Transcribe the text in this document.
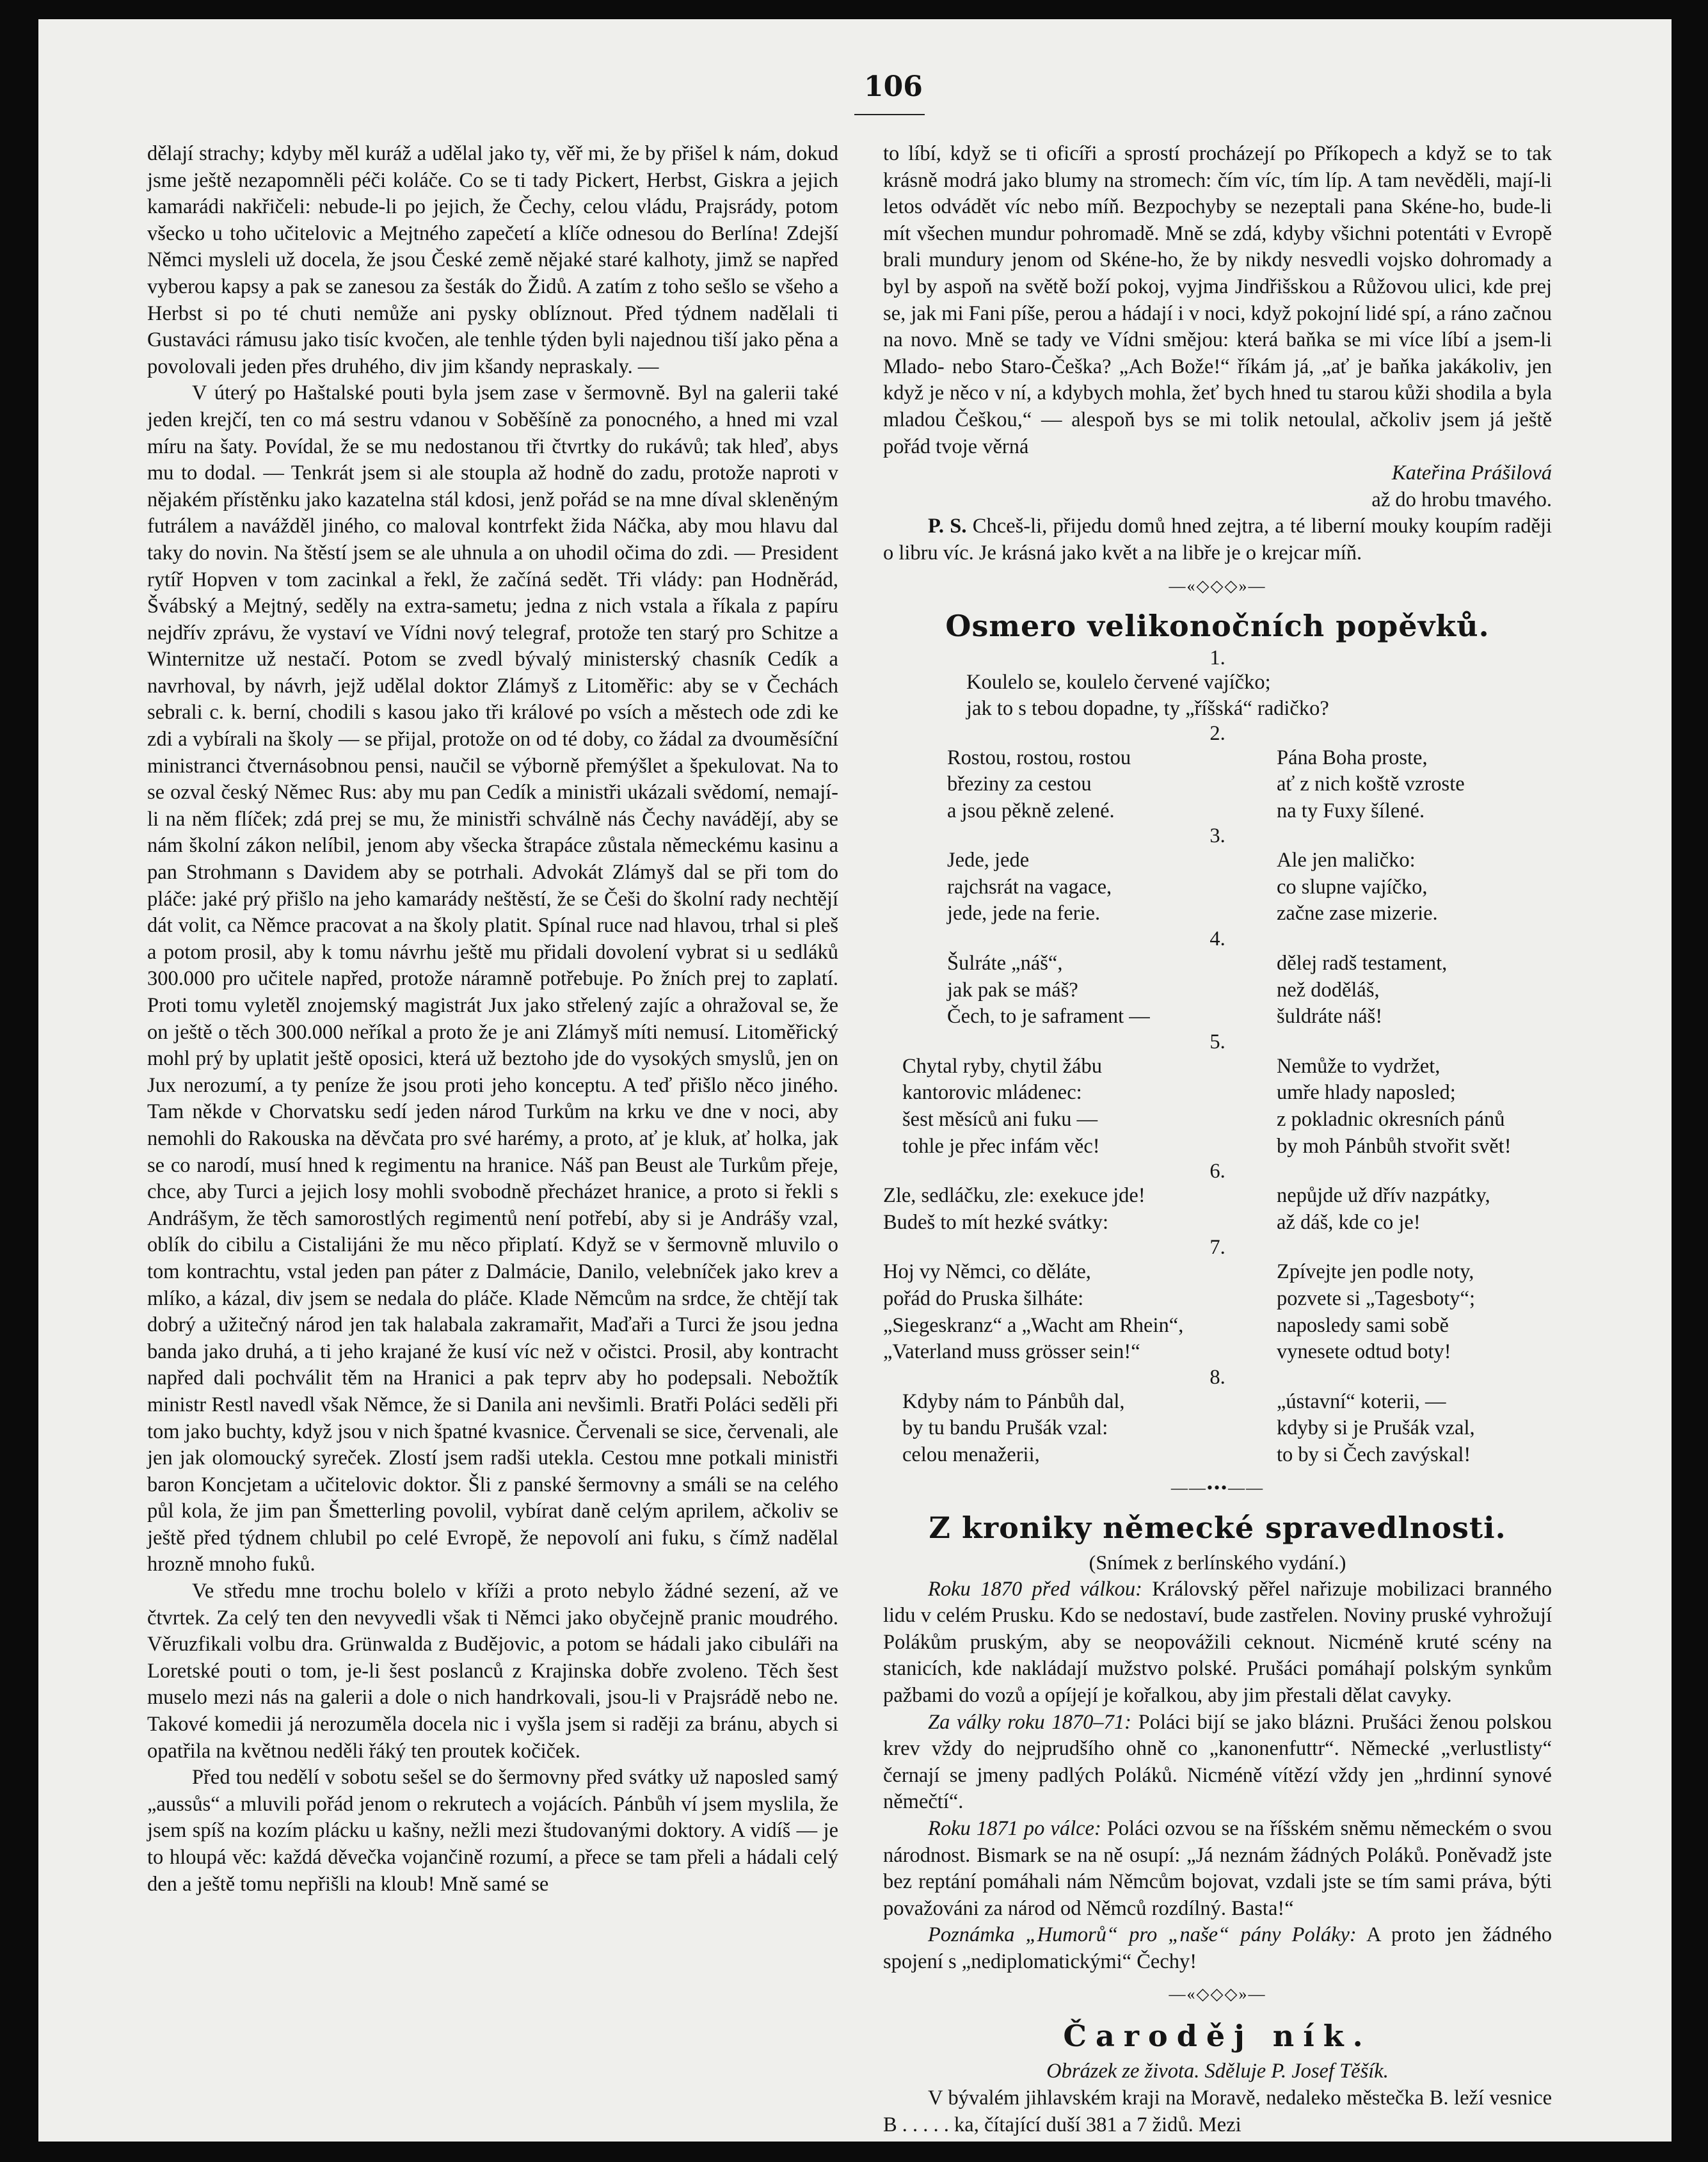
106

dělají strachy; kdyby měl kuráž a udělal jako ty, věř mi, že by přišel k nám, dokud jsme ještě nezapomněli péči koláče. Co se ti tady Pickert, Herbst, Giskra a jejich kamarádi nakřičeli: nebude-li po jejich, že Čechy, celou vládu, Prajsrády, potom všecko u toho učitelovic a Mejtného zapečetí a klíče odnesou do Berlína! Zdejší Němci mysleli už docela, že jsou České země nějaké staré kalhoty, jimž se napřed vyberou kapsy a pak se zanesou za šesták do Židů. A zatím z toho sešlo se všeho a Herbst si po té chuti nemůže ani pysky oblíznout. Před týdnem nadělali ti Gustaváci rámusu jako tisíc kvočen, ale tenhle týden byli najednou tiší jako pěna a povolovali jeden přes druhého, div jim kšandy nepraskaly. —

V úterý po Haštalské pouti byla jsem zase v šermovně. Byl na galerii také jeden krejčí, ten co má sestru vdanou v Soběšíně za ponocného, a hned mi vzal míru na šaty. Povídal, že se mu nedostanou tři čtvrtky do rukávů; tak hleď, abys mu to dodal. — Tenkrát jsem si ale stoupla až hodně do zadu, protože naproti v nějakém přístěnku jako kazatelna stál kdosi, jenž pořád se na mne díval skleněným futrálem a navážděl jiného, co maloval kontrfekt žida Náčka, aby mou hlavu dal taky do novin. Na štěstí jsem se ale uhnula a on uhodil očima do zdi. — President rytíř Hopven v tom zacinkal a řekl, že začíná sedět. Tři vlády: pan Hodněrád, Švábský a Mejtný, seděly na extra-sametu; jedna z nich vstala a říkala z papíru nejdřív zprávu, že vystaví ve Vídni nový telegraf, protože ten starý pro Schitze a Winternitze už nestačí. Potom se zvedl bývalý ministerský chasník Cedík a navrhoval, by návrh, jejž udělal doktor Zlámyš z Litoměřic: aby se v Čechách sebrali c. k. berní, chodili s kasou jako tři králové po vsích a městech ode zdi ke zdi a vybírali na školy — se přijal, protože on od té doby, co žádal za dvouměsíční ministranci čtvernásobnou pensi, naučil se výborně přemýšlet a špekulovat. Na to se ozval český Němec Rus: aby mu pan Cedík a ministři ukázali svědomí, nemají-li na něm flíček; zdá prej se mu, že ministři schválně nás Čechy navádějí, aby se nám školní zákon nelíbil, jenom aby všecka štrapáce zůstala německému kasinu a pan Strohmann s Davidem aby se potrhali. Advokát Zlámyš dal se při tom do pláče: jaké prý přišlo na jeho kamarády neštěstí, že se Češi do školní rady nechtějí dát volit, ca Němce pracovat a na školy platit. Spínal ruce nad hlavou, trhal si pleš a potom prosil, aby k tomu návrhu ještě mu přidali dovolení vybrat si u sedláků 300.000 pro učitele napřed, protože náramně potřebuje. Po žních prej to zaplatí. Proti tomu vyletěl znojemský magistrát Jux jako střelený zajíc a ohražoval se, že on ještě o těch 300.000 neříkal a proto že je ani Zlámyš míti nemusí. Litoměřický mohl prý by uplatit ještě oposici, která už beztoho jde do vysokých smyslů, jen on Jux nerozumí, a ty peníze že jsou proti jeho konceptu. A teď přišlo něco jiného. Tam někde v Chorvatsku sedí jeden národ Turkům na krku ve dne v noci, aby nemohli do Rakouska na děvčata pro své harémy, a proto, ať je kluk, ať holka, jak se co narodí, musí hned k regimentu na hranice. Náš pan Beust ale Turkům přeje, chce, aby Turci a jejich losy mohli svobodně přecházet hranice, a proto si řekli s Andrášym, že těch samorostlých regimentů není potřebí, aby si je Andrášy vzal, oblík do cibilu a Cistalijáni že mu něco připlatí. Když se v šermovně mluvilo o tom kontrachtu, vstal jeden pan páter z Dalmácie, Danilo, velebníček jako krev a mlíko, a kázal, div jsem se nedala do pláče. Klade Němcům na srdce, že chtějí tak dobrý a užitečný národ jen tak halabala zakramařit, Maďaři a Turci že jsou jedna banda jako druhá, a ti jeho krajané že kusí víc než v očistci. Prosil, aby kontracht napřed dali pochválit těm na Hranici a pak teprv aby ho podepsali. Nebožtík ministr Restl navedl však Němce, že si Danila ani nevšimli. Bratři Poláci seděli při tom jako buchty, když jsou v nich špatné kvasnice. Červenali se sice, červenali, ale jen jak olomoucký syreček. Zlostí jsem radši utekla. Cestou mne potkali ministři baron Koncjetam a učitelovic doktor. Šli z panské šermovny a smáli se na celého půl kola, že jim pan Šmetterling povolil, vybírat daně celým aprilem, ačkoliv se ještě před týdnem chlubil po celé Evropě, že nepovolí ani fuku, s čímž nadělal hrozně mnoho fuků.

Ve středu mne trochu bolelo v kříži a proto nebylo žádné sezení, až ve čtvrtek. Za celý ten den nevyvedli však ti Němci jako obyčejně pranic moudrého. Věruzfikali volbu dra. Grünwalda z Budějovic, a potom se hádali jako cibuláři na Loretské pouti o tom, je-li šest poslanců z Krajinska dobře zvoleno. Těch šest muselo mezi nás na galerii a dole o nich handrkovali, jsou-li v Prajsrádě nebo ne. Takové komedii já nerozuměla docela nic i vyšla jsem si raději za bránu, abych si opatřila na květnou neděli řáký ten proutek kočiček.

Před tou nedělí v sobotu sešel se do šermovny před svátky už naposled samý „aussůs“ a mluvili pořád jenom o rekrutech a vojácích. Pánbůh ví jsem myslila, že jsem spíš na kozím plácku u kašny, nežli mezi študovanými doktory. A vidíš — je to hloupá věc: každá děvečka vojančině rozumí, a přece se tam přeli a hádali celý den a ještě tomu nepřišli na kloub! Mně samé se

to líbí, když se ti oficíři a sprostí procházejí po Příkopech a když se to tak krásně modrá jako blumy na stromech: čím víc, tím líp. A tam nevěděli, mají-li letos odvádět víc nebo míň. Bezpochyby se nezeptali pana Skéne-ho, bude-li mít všechen mundur pohromadě. Mně se zdá, kdyby všichni potentáti v Evropě brali mundury jenom od Skéne-ho, že by nikdy nesvedli vojsko dohromady a byl by aspoň na světě boží pokoj, vyjma Jindřišskou a Růžovou ulici, kde prej se, jak mi Fani píše, perou a hádají i v noci, když pokojní lidé spí, a ráno začnou na novo. Mně se tady ve Vídni smějou: která baňka se mi více líbí a jsem-li Mlado- nebo Staro-Češka? „Ach Bože!“ říkám já, „ať je baňka jakákoliv, jen když je něco v ní, a kdybych mohla, žeť bych hned tu starou kůži shodila a byla mladou Češkou,“ — alespoň bys se mi tolik netoulal, ačkoliv jsem já ještě pořád tvoje věrná

Kateřina Prášilová

až do hrobu tmavého.

P. S. Chceš-li, přijedu domů hned zejtra, a té liberní mouky koupím raději o libru víc. Je krásná jako květ a na libře je o krejcar míň.

—«◇◇◇»—
Osmero velikonočních popěvků.
1.
Koulelo se, koulelo červené vajíčko;
jak to s tebou dopadne, ty „říšská“ radičko?
2.
Rostou, rostou, rostou
březiny za cestou
a jsou pěkně zelené.
Pána Boha proste,
ať z nich koště vzroste
na ty Fuxy šílené.
3.
Jede, jede
rajchsrát na vagace,
jede, jede na ferie.
Ale jen maličko:
co slupne vajíčko,
začne zase mizerie.
4.
Šulráte „náš“,
jak pak se máš?
Čech, to je saframent —
dělej radš testament,
než doděláš,
šuldráte náš!
5.
Chytal ryby, chytil žábu
kantorovic mládenec:
šest měsíců ani fuku —
tohle je přec infám věc!
Nemůže to vydržet,
umře hlady naposled;
z pokladnic okresních pánů
by moh Pánbůh stvořit svět!
6.
Zle, sedláčku, zle: exekuce jde!
Budeš to mít hezké svátky:
nepůjde už dřív nazpátky,
až dáš, kde co je!
7.
Hoj vy Němci, co děláte,
pořád do Pruska šilháte:
„Siegeskranz“ a „Wacht am Rhein“,
„Vaterland muss grösser sein!“
Zpívejte jen podle noty,
pozvete si „Tagesboty“;
naposledy sami sobě
vynesete odtud boty!
8.
Kdyby nám to Pánbůh dal,
by tu bandu Prušák vzal:
celou menažerii,
„ústavní“ koterii, —
kdyby si je Prušák vzal,
to by si Čech zavýskal!
——•••——
Z kroniky německé spravedlnosti.
(Snímek z berlínského vydání.)

Roku 1870 před válkou: Královský pěřel nařizuje mobilizaci branného lidu v celém Prusku. Kdo se nedostaví, bude zastřelen. Noviny pruské vyhrožují Polákům pruským, aby se neopovážili ceknout. Nicméně kruté scény na stanicích, kde nakládají mužstvo polské. Prušáci pomáhají polským synkům pažbami do vozů a opíjejí je kořalkou, aby jim přestali dělat cavyky.

Za války roku 1870–71: Poláci bijí se jako blázni. Prušáci ženou polskou krev vždy do nejprudšího ohně co „kanonenfuttr“. Německé „verlustlisty“ černají se jmeny padlých Poláků. Nicméně vítězí vždy jen „hrdinní synové němečtí“.

Roku 1871 po válce: Poláci ozvou se na říšském sněmu německém o svou národnost. Bismark se na ně osupí: „Já neznám žádných Poláků. Poněvadž jste bez reptání pomáhali nám Němcům bojovat, vzdali jste se tím sami práva, býti považováni za národ od Němců rozdílný. Basta!“

Poznámka „Humorů“ pro „naše“ pány Poláky: A proto jen žádného spojení s „nediplomatickými“ Čechy!

—«◇◇◇»—
Čaroděj ník.
Obrázek ze života. Sděluje P. Josef Těšík.

V bývalém jihlavském kraji na Moravě, nedaleko městečka B. leží vesnice B . . . . . ka, čítající duší 381 a 7 židů. Mezi
